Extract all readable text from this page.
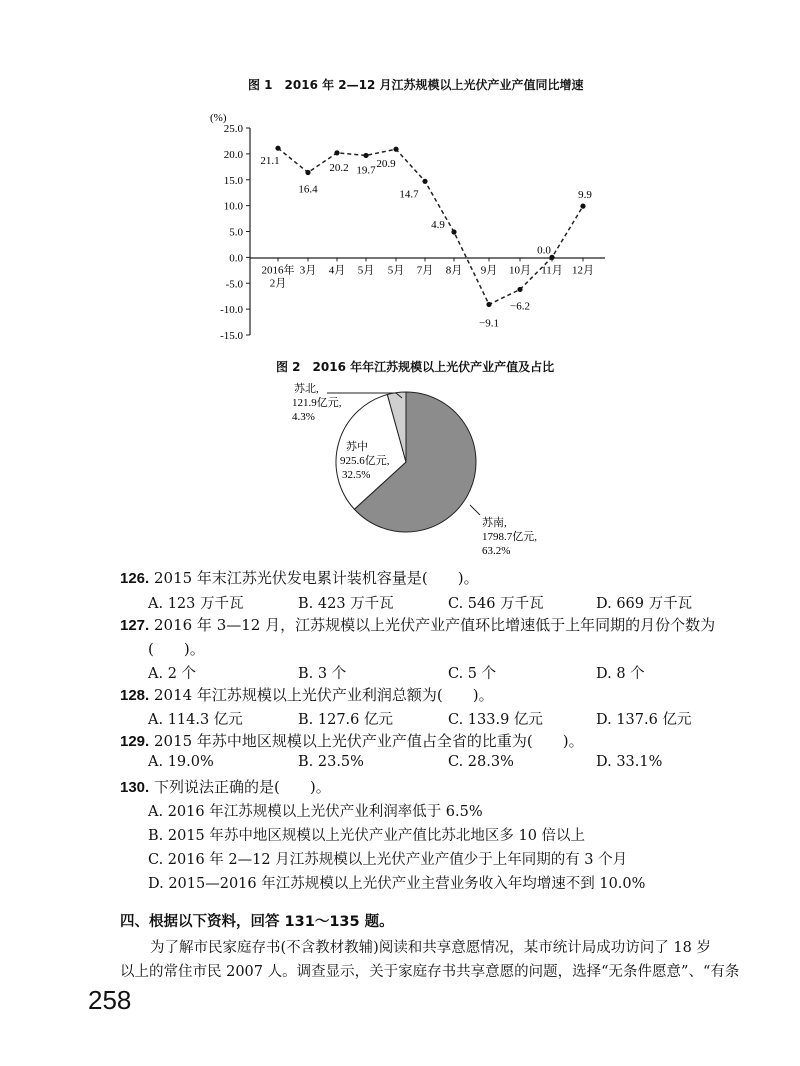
图 1　2016 年 2—12 月江苏规模以上光伏产业产值同比增速
(%)
25.0
20.0
15.0
10.0
5.0
0.0
-5.0
-10.0
-15.0
2016年
2月
3月 4月 5月 5月 7月 8月 9月 10月 11月 12月
21.1
16.4
20.2 19.7
20.9
14.7
4.9
−9.1
−6.2
0.0
9.9
图 2　2016 年年江苏规模以上光伏产业产值及占比
苏北,
121.9亿元,
4.3%
苏中
925.6亿元,
32.5%
苏南,
1798.7亿元,
63.2%
126. 2015 年末江苏光伏发电累计装机容量是(　　)。
A. 123 万千瓦	B. 423 万千瓦	C. 546 万千瓦	D. 669 万千瓦
127. 2016 年 3—12 月，江苏规模以上光伏产业产值环比增速低于上年同期的月份个数为
(　　)。
A. 2 个	B. 3 个	C. 5 个	D. 8 个
128. 2014 年江苏规模以上光伏产业利润总额为(　　)。
A. 114.3 亿元	B. 127.6 亿元	C. 133.9 亿元	D. 137.6 亿元
129. 2015 年苏中地区规模以上光伏产业产值占全省的比重为(　　)。
A. 19.0%	B. 23.5%	C. 28.3%	D. 33.1%
130. 下列说法正确的是(　　)。
A. 2016 年江苏规模以上光伏产业利润率低于 6.5%
B. 2015 年苏中地区规模以上光伏产业产值比苏北地区多 10 倍以上
C. 2016 年 2—12 月江苏规模以上光伏产业产值少于上年同期的有 3 个月
D. 2015—2016 年江苏规模以上光伏产业主营业务收入年均增速不到 10.0%
四、根据以下资料，回答 131～135 题。
为了解市民家庭存书(不含教材教辅)阅读和共享意愿情况，某市统计局成功访问了 18 岁
以上的常住市民 2007 人。调查显示，关于家庭存书共享意愿的问题，选择“无条件愿意”、“有条
258
